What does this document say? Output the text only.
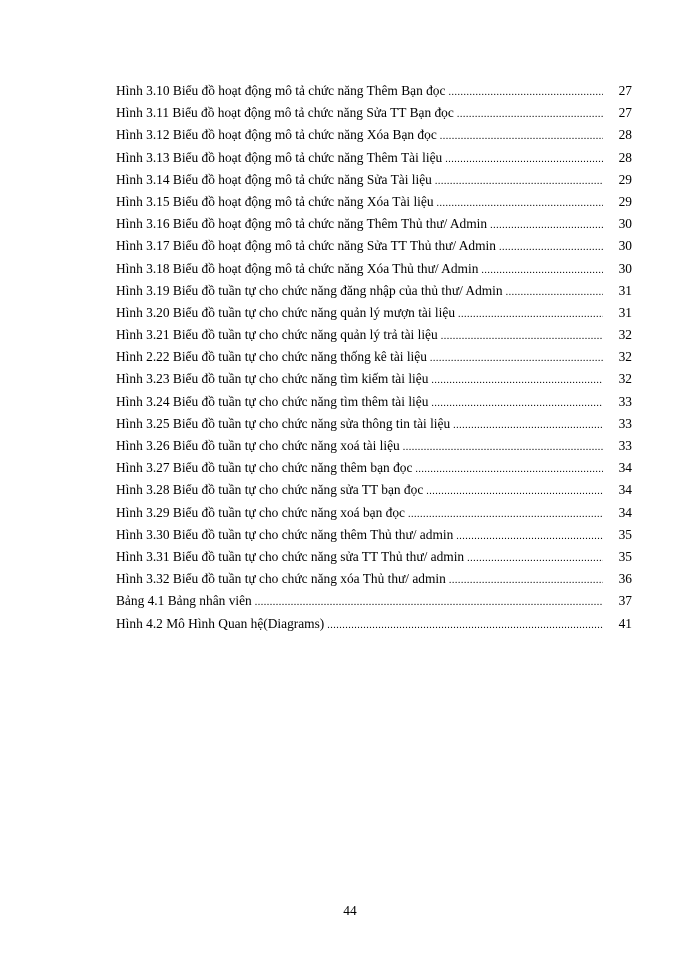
Hình 3.10 Biểu đồ hoạt động mô tả chức năng Thêm Bạn đọc .....	27
Hình 3.11 Biểu đồ hoạt động mô tả chức năng Sửa TT Bạn đọc .....	27
Hình 3.12 Biểu đồ hoạt động mô tả chức năng Xóa Bạn đọc .....	28
Hình 3.13 Biểu đồ hoạt động mô tả chức năng Thêm Tài liệu .....	28
Hình 3.14 Biểu đồ hoạt động mô tả chức năng Sửa Tài liệu .....	29
Hình 3.15 Biểu đồ hoạt động mô tả chức năng Xóa Tài liệu .....	29
Hình 3.16 Biểu đồ hoạt động mô tả chức năng Thêm Thủ thư/ Admin .....	30
Hình 3.17 Biểu đồ hoạt động mô tả chức năng Sửa TT Thủ thư/ Admin .....	30
Hình 3.18 Biểu đồ hoạt động mô tả chức năng Xóa Thủ thư/ Admin .....	30
Hình 3.19 Biểu đồ tuần tự cho chức năng đăng nhập của thủ thư/ Admin .....	31
Hình 3.20 Biểu đồ tuần tự cho chức năng quản lý mượn tài liệu .....	31
Hình 3.21 Biểu đồ tuần tự cho chức năng quản lý trả tài liệu .....	32
Hình 2.22 Biểu đồ tuần tự cho chức năng thống kê tài liệu .....	32
Hình 3.23 Biểu đồ tuần tự cho chức năng tìm kiếm tài liệu .....	32
Hình 3.24 Biểu đồ tuần tự cho chức năng tìm thêm tài liệu .....	33
Hình 3.25 Biểu đồ tuần tự cho chức năng sửa thông tin tài liệu .....	33
Hình 3.26 Biểu đồ tuần tự cho chức năng xoá tài liệu .....	33
Hình 3.27 Biểu đồ tuần tự cho chức năng thêm bạn đọc .....	34
Hình 3.28 Biểu đồ tuần tự cho chức năng sửa TT bạn đọc .....	34
Hình 3.29 Biểu đồ tuần tự cho chức năng xoá bạn đọc .....	34
Hình 3.30 Biểu đồ tuần tự cho chức năng thêm Thủ thư/ admin .....	35
Hình 3.31 Biểu đồ tuần tự cho chức năng sửa TT Thủ thư/ admin .....	35
Hình 3.32 Biểu đồ tuần tự cho chức năng xóa Thủ thư/ admin .....	36
Bảng 4.1 Bảng nhân viên .....	37
Hình 4.2 Mô Hình Quan hệ(Diagrams) .....	41
44
